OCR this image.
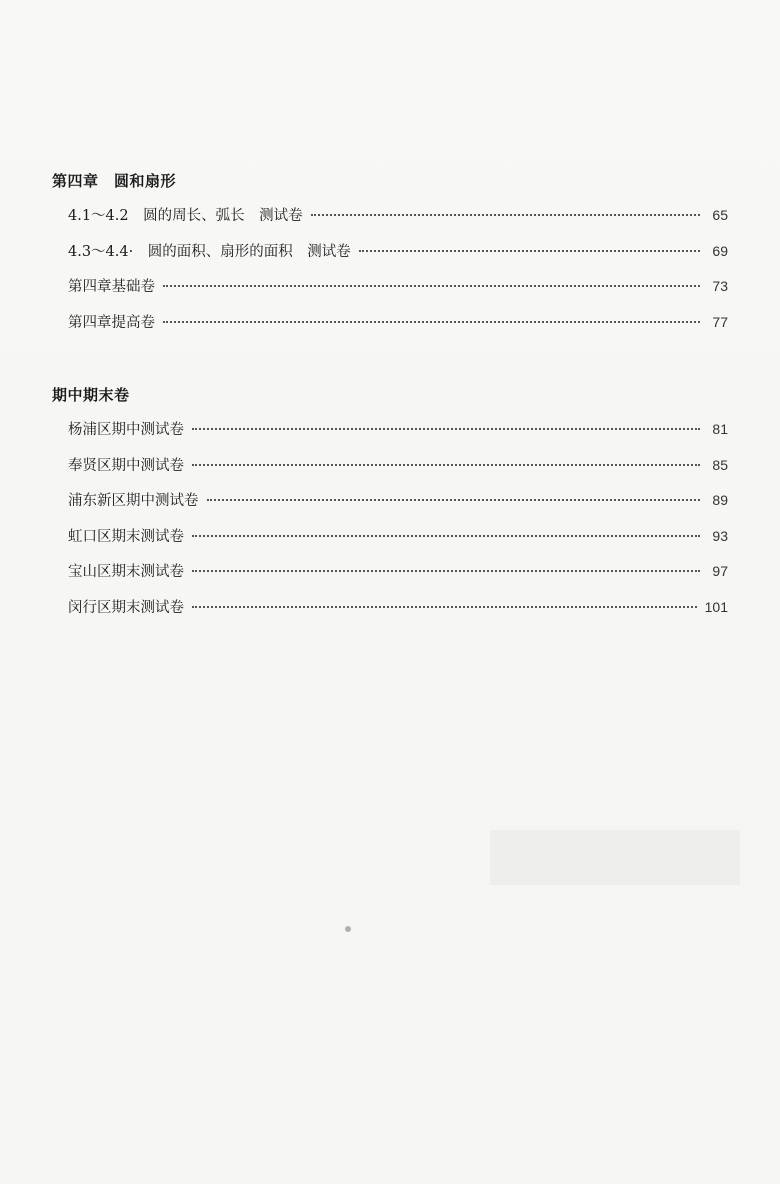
第四章　圆和扇形
4.1～4.2　圆的周长、弧长　测试卷	65
4.3～4.4·　圆的面积、扇形的面积　测试卷	69
第四章基础卷	73
第四章提高卷	77
期中期末卷
杨浦区期中测试卷	81
奉贤区期中测试卷	85
浦东新区期中测试卷	89
虹口区期末测试卷	93
宝山区期末测试卷	97
闵行区期末测试卷	101
